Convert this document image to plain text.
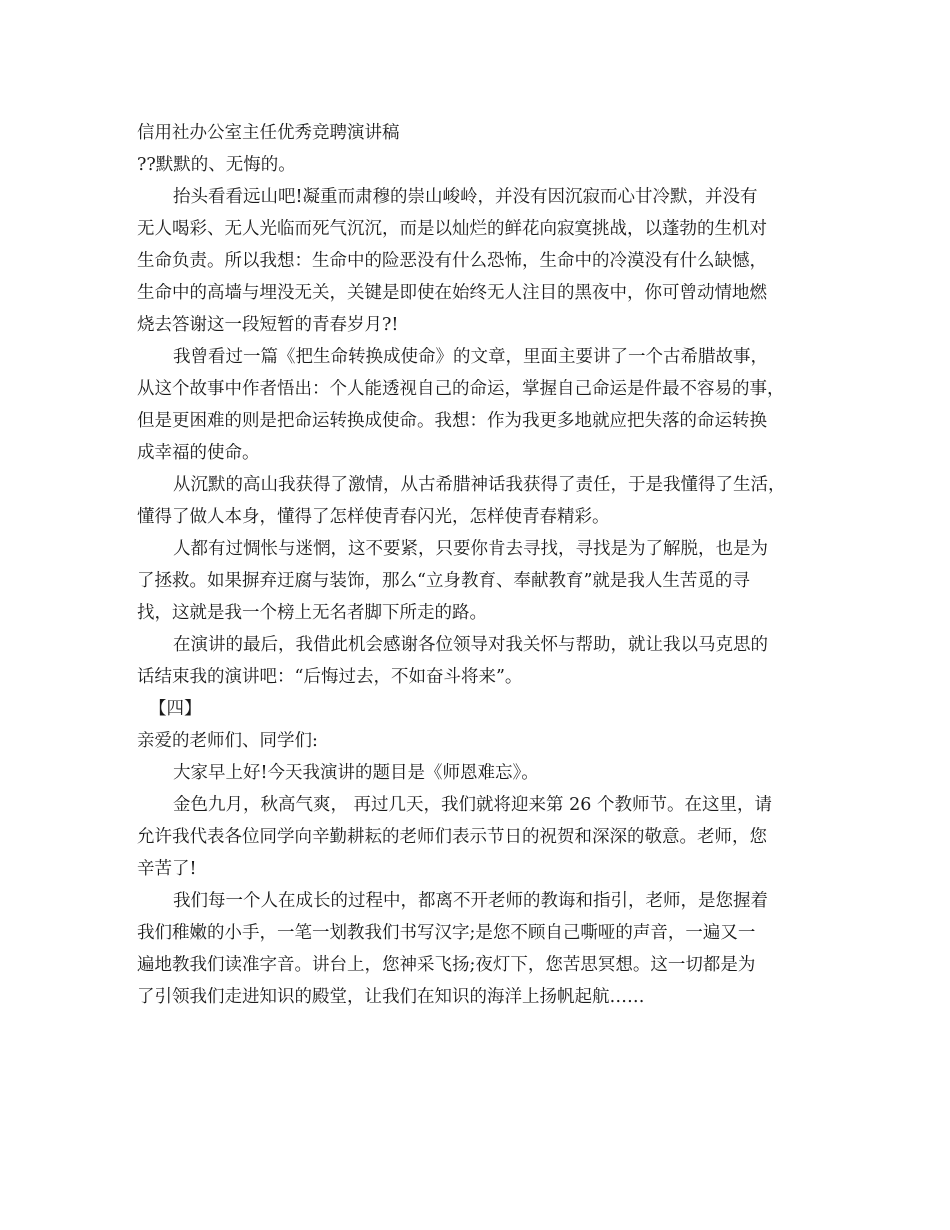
信用社办公室主任优秀竞聘演讲稿
??默默的、无悔的。
抬头看看远山吧!凝重而肃穆的崇山峻岭，并没有因沉寂而心甘冷默，并没有
无人喝彩、无人光临而死气沉沉，而是以灿烂的鲜花向寂寞挑战，以蓬勃的生机对
生命负责。所以我想：生命中的险恶没有什么恐怖，生命中的冷漠没有什么缺憾，
生命中的高墙与埋没无关，关键是即使在始终无人注目的黑夜中，你可曾动情地燃
烧去答谢这一段短暂的青春岁月?!
我曾看过一篇《把生命转换成使命》的文章，里面主要讲了一个古希腊故事，
从这个故事中作者悟出：个人能透视自己的命运，掌握自己命运是件最不容易的事，
但是更困难的则是把命运转换成使命。我想：作为我更多地就应把失落的命运转换
成幸福的使命。
从沉默的高山我获得了激情，从古希腊神话我获得了责任，于是我懂得了生活，
懂得了做人本身，懂得了怎样使青春闪光，怎样使青春精彩。
人都有过惆怅与迷惘，这不要紧，只要你肯去寻找，寻找是为了解脱，也是为
了拯救。如果摒弃迂腐与装饰，那么“立身教育、奉献教育”就是我人生苦觅的寻
找，这就是我一个榜上无名者脚下所走的路。
在演讲的最后，我借此机会感谢各位领导对我关怀与帮助，就让我以马克思的
话结束我的演讲吧：“后悔过去，不如奋斗将来”。
【四】
亲爱的老师们、同学们:
大家早上好!今天我演讲的题目是《师恩难忘》。
金色九月，秋高气爽， 再过几天，我们就将迎来第 26 个教师节。在这里，请
允许我代表各位同学向辛勤耕耘的老师们表示节日的祝贺和深深的敬意。老师，您
辛苦了!
我们每一个人在成长的过程中，都离不开老师的教诲和指引，老师，是您握着
我们稚嫩的小手，一笔一划教我们书写汉字;是您不顾自己嘶哑的声音，一遍又一
遍地教我们读准字音。讲台上，您神采飞扬;夜灯下，您苦思冥想。这一切都是为
了引领我们走进知识的殿堂，让我们在知识的海洋上扬帆起航……
